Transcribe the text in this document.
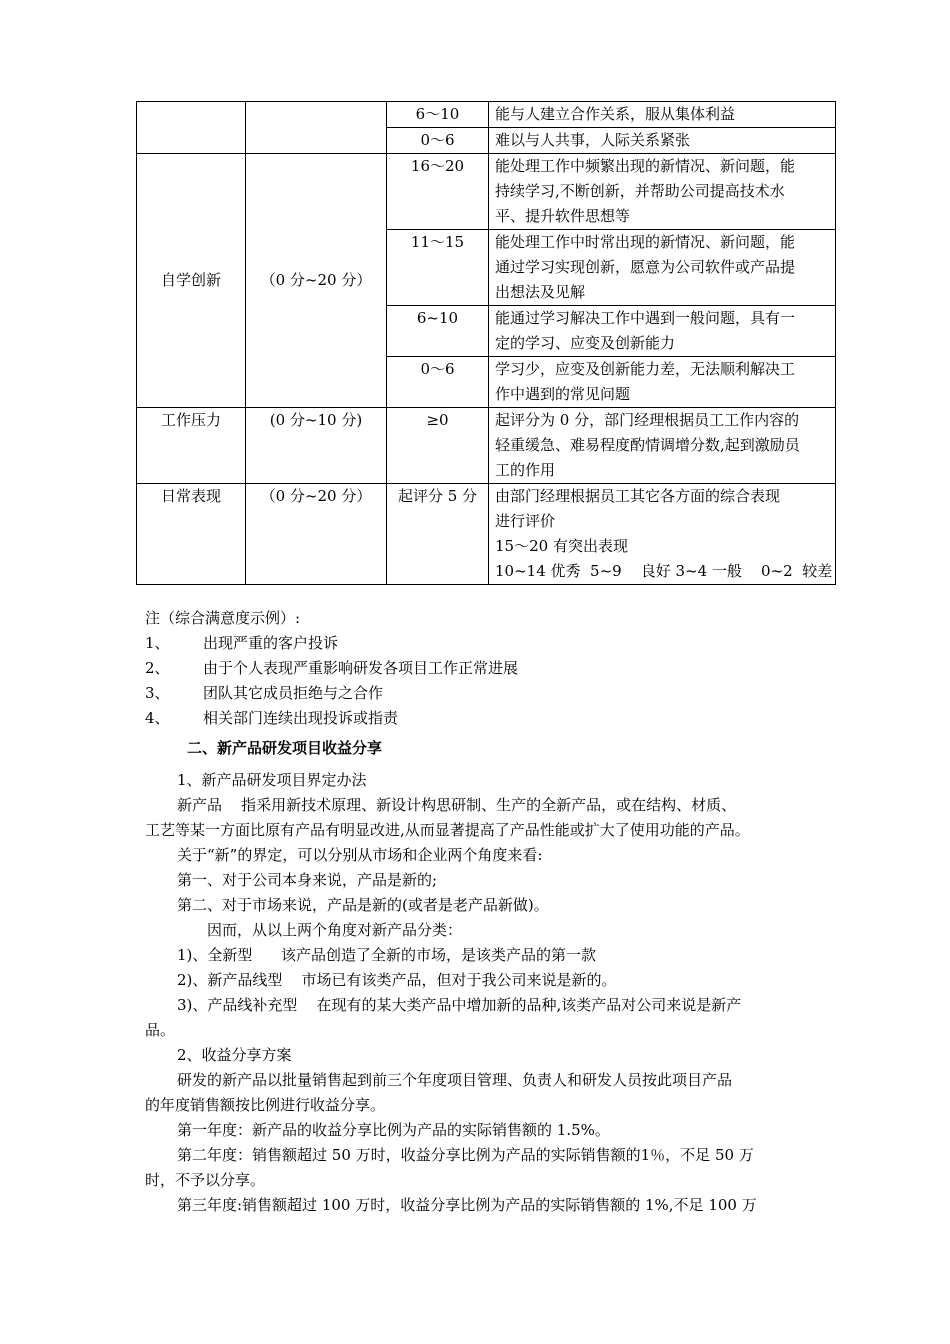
		6～10	能与人建立合作关系，服从集体利益

		0～6	难以与人共事，人际关系紧张

自学创新	（0 分~20 分）	16～20	能处理工作中频繁出现的新情况、新问题，能
持续学习,不断创新，并帮助公司提高技术水
平、提升软件思想等

		11～15	能处理工作中时常出现的新情况、新问题，能
通过学习实现创新，愿意为公司软件或产品提
出想法及见解

		6~10	能通过学习解决工作中遇到一般问题，具有一
定的学习、应变及创新能力

		0～6	学习少，应变及创新能力差，无法顺利解决工
作中遇到的常见问题

工作压力	(0 分~10 分)	≥0	起评分为 0 分，部门经理根据员工工作内容的
轻重缓急、难易程度酌情调增分数,起到激励员
工的作用

日常表现	（0 分~20 分）	起评分 5 分	由部门经理根据员工其它各方面的综合表现
进行评价
15～20 有突出表现
10~14 优秀  5~9    良好 3~4 一般    0~2  较差
注（综合满意度示例）:
1、 出现严重的客户投诉
2、 由于个人表现严重影响研发各项目工作正常进展
3、 团队其它成员拒绝与之合作
4、 相关部门连续出现投诉或指责
二、新产品研发项目收益分享
1、新产品研发项目界定办法
新产品    指采用新技术原理、新设计构思研制、生产的全新产品，或在结构、材质、
工艺等某一方面比原有产品有明显改进,从而显著提高了产品性能或扩大了使用功能的产品。
关于“新”的界定，可以分别从市场和企业两个角度来看:
第一、对于公司本身来说，产品是新的;
第二、对于市场来说，产品是新的(或者是老产品新做)。
因而，从以上两个角度对新产品分类：
1)、全新型      该产品创造了全新的市场，是该类产品的第一款
2)、新产品线型    市场已有该类产品，但对于我公司来说是新的。
3)、产品线补充型    在现有的某大类产品中增加新的品种,该类产品对公司来说是新产
品。
2、收益分享方案
研发的新产品以批量销售起到前三个年度项目管理、负责人和研发人员按此项目产品
的年度销售额按比例进行收益分享。
第一年度：新产品的收益分享比例为产品的实际销售额的 1.5%。
第二年度：销售额超过 50 万时，收益分享比例为产品的实际销售额的1％，不足 50 万
时，不予以分享。
第三年度:销售额超过 100 万时，收益分享比例为产品的实际销售额的 1%,不足 100 万
